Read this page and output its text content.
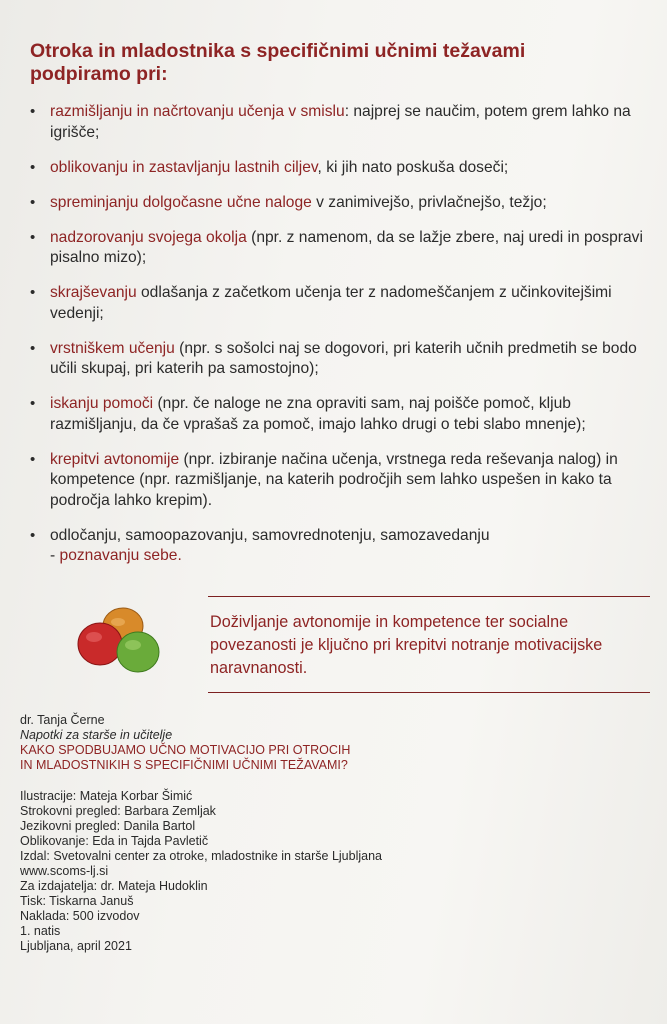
Otroka in mladostnika s specifičnimi učnimi težavami podpiramo pri:
• razmišljanju in načrtovanju učenja v smislu: najprej se naučim, potem grem lahko na igrišče;
• oblikovanju in zastavljanju lastnih ciljev, ki jih nato poskuša doseči;
• spreminjanju dolgočasne učne naloge v zanimivejšo, privlačnejšo, težjo;
• nadzorovanju svojega okolja (npr. z namenom, da se lažje zbere, naj uredi in pospravi pisalno mizo);
• skrajševanju odlašanja z začetkom učenja ter z nadomeščanjem z učinkovitejšimi vedenji;
• vrstniškem učenju (npr. s sošolci naj se dogovori, pri katerih učnih predmetih se bodo učili skupaj, pri katerih pa samostojno);
• iskanju pomoči (npr. če naloge ne zna opraviti sam, naj poišče pomoč, kljub razmišljanju, da če vprašaš za pomoč, imajo lahko drugi o tebi slabo mnenje);
• krepitvi avtonomije (npr. izbiranje načina učenja, vrstnega reda reševanja nalog) in kompetence (npr. razmišljanje, na katerih področjih sem lahko uspešen in kako ta področja lahko krepim).
• odločanju, samoopazovanju, samovrednotenju, samozavedanju
- poznavanju sebe.
Doživljanje avtonomije in kompetence ter socialne povezanosti je ključno pri krepitvi notranje motivacijske naravnanosti.
dr. Tanja Černe
Napotki za starše in učitelje
KAKO SPODBUJAMO UČNO MOTIVACIJO PRI OTROCIH
IN MLADOSTNIKIH S SPECIFIČNIMI UČNIMI TEŽAVAMI?
Ilustracije: Mateja Korbar Šimić
Strokovni pregled: Barbara Zemljak
Jezikovni pregled: Danila Bartol
Oblikovanje: Eda in Tajda Pavletič
Izdal: Svetovalni center za otroke, mladostnike in starše Ljubljana
www.scoms-lj.si
Za izdajatelja: dr. Mateja Hudoklin
Tisk: Tiskarna Januš
Naklada: 500 izvodov
1. natis
Ljubljana, april 2021
